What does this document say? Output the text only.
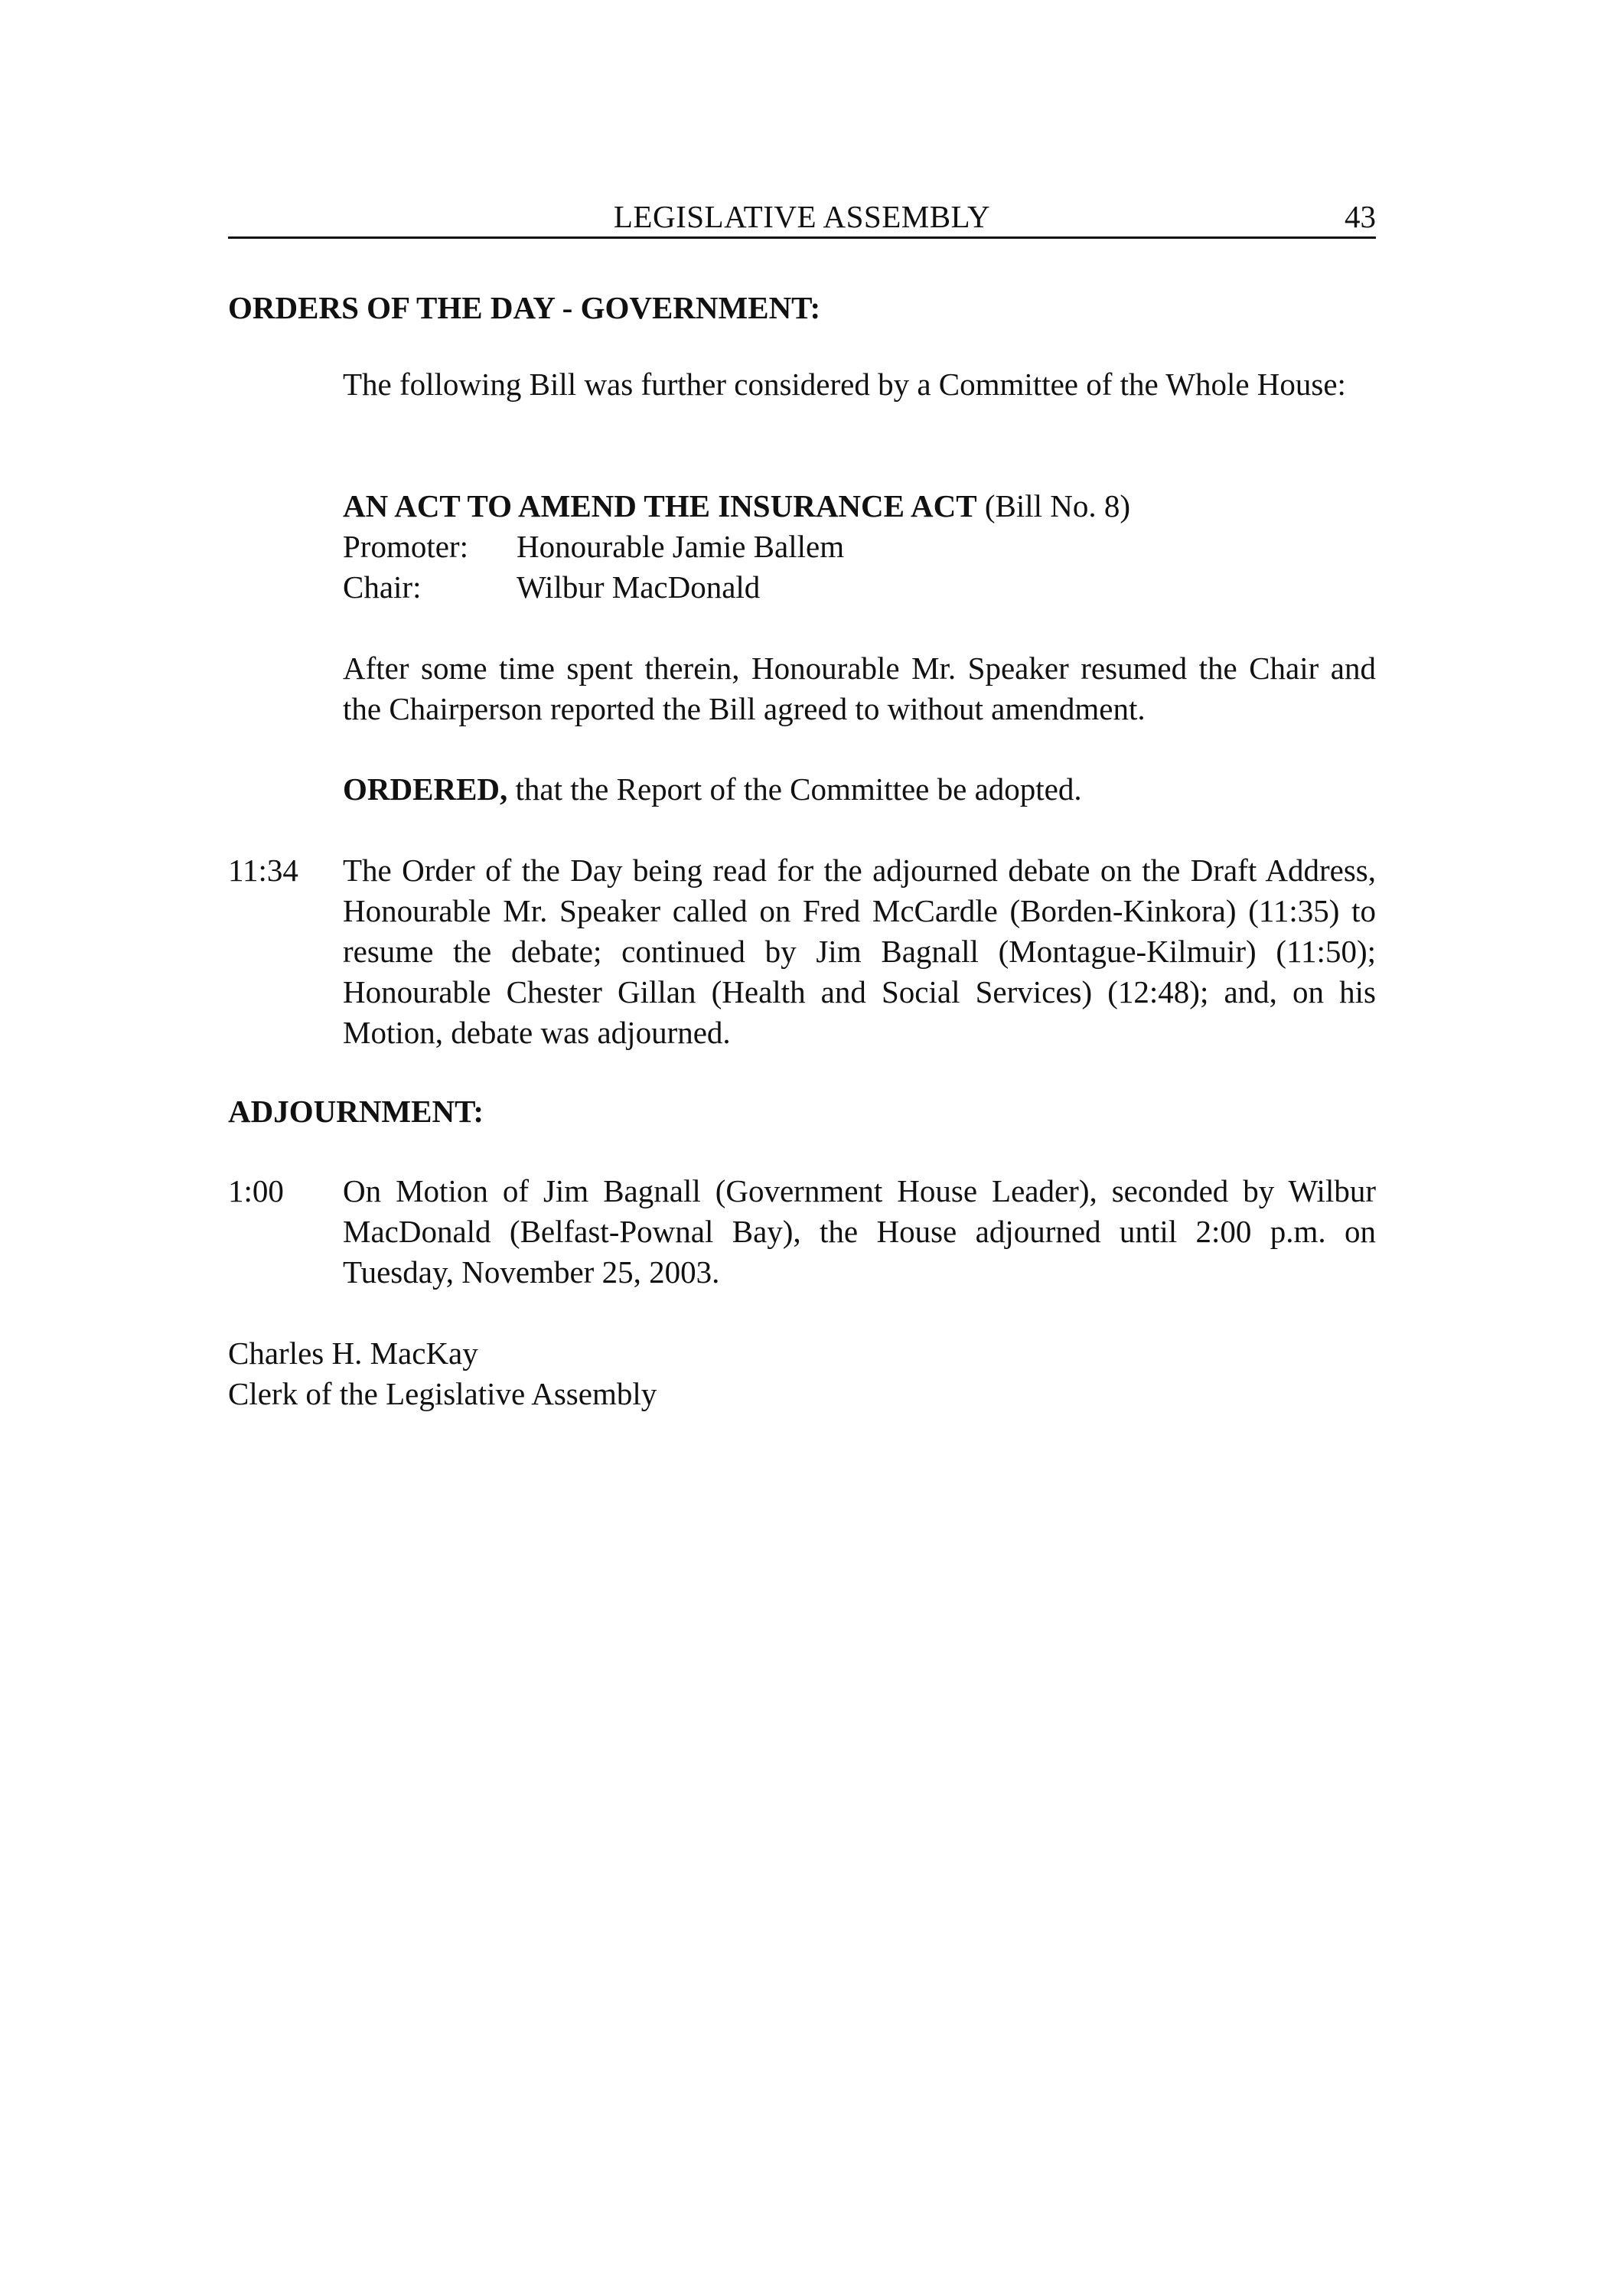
LEGISLATIVE ASSEMBLY	43
ORDERS OF THE DAY - GOVERNMENT:
The following Bill was further considered by a Committee of the Whole House:
AN ACT TO AMEND THE INSURANCE ACT (Bill No. 8)
Promoter: Honourable Jamie Ballem
Chair:	Wilbur MacDonald
After some time spent therein, Honourable Mr. Speaker resumed the Chair and the Chairperson reported the Bill agreed to without amendment.
ORDERED, that the Report of the Committee be adopted.
11:34 The Order of the Day being read for the adjourned debate on the Draft Address, Honourable Mr. Speaker called on Fred McCardle (Borden-Kinkora) (11:35) to resume the debate; continued by Jim Bagnall (Montague-Kilmuir) (11:50); Honourable Chester Gillan (Health and Social Services) (12:48); and, on his Motion, debate was adjourned.
ADJOURNMENT:
1:00 On Motion of Jim Bagnall (Government House Leader), seconded by Wilbur MacDonald (Belfast-Pownal Bay), the House adjourned until 2:00 p.m. on Tuesday, November 25, 2003.
Charles H. MacKay
Clerk of the Legislative Assembly
